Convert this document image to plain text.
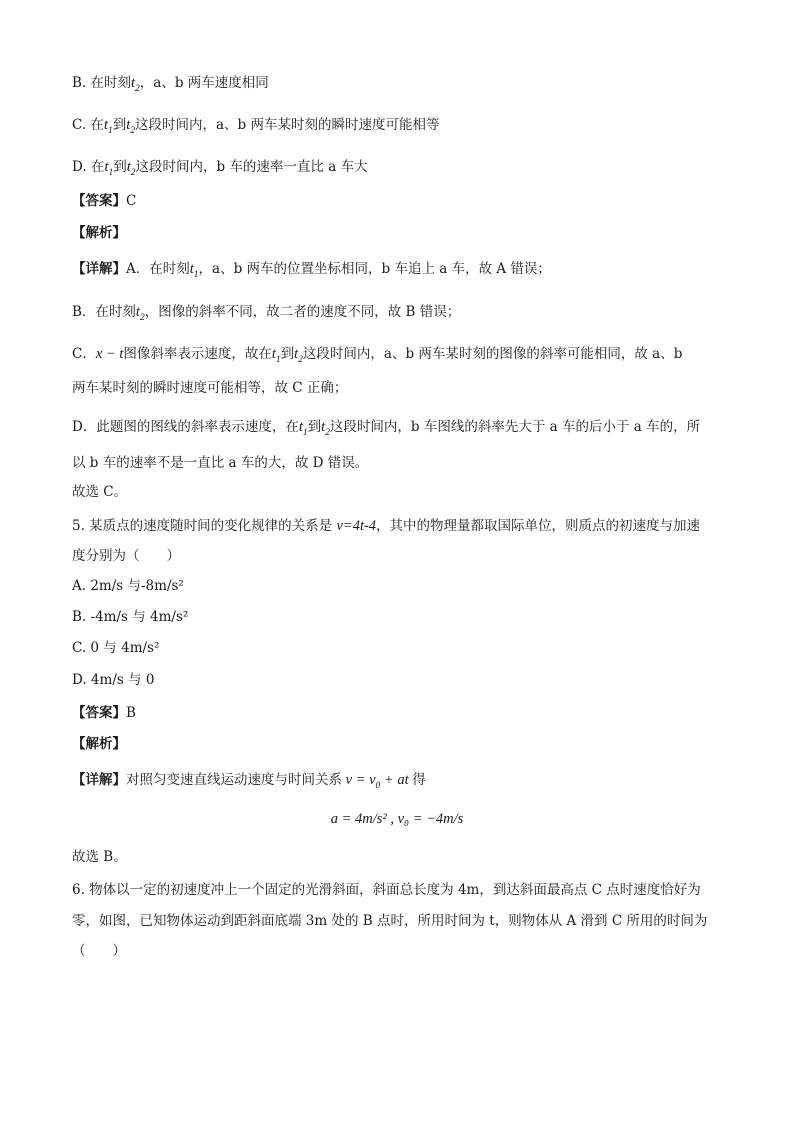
B. 在时刻$t_2$，a、b 两车速度相同
C. 在$t_1$到$t_2$这段时间内，a、b 两车某时刻的瞬时速度可能相等
D. 在$t_1$到$t_2$这段时间内，b 车的速率一直比 a 车大
【答案】C
【解析】
【详解】A．在时刻$t_1$，a、b 两车的位置坐标相同，b 车追上 a 车，故 A 错误；
B．在时刻$t_2$，图像的斜率不同，故二者的速度不同，故 B 错误；
C．x − t图像斜率表示速度，故在$t_1$到$t_2$这段时间内，a、b 两车某时刻的图像的斜率可能相同，故 a、b
两车某时刻的瞬时速度可能相等，故 C 正确；
D．此题图的图线的斜率表示速度，在$t_1$到$t_2$这段时间内，b 车图线的斜率先大于 a 车的后小于 a 车的，所
以 b 车的速率不是一直比 a 车的大，故 D 错误。
故选 C。
5. 某质点的速度随时间的变化规律的关系是 v=4t-4，其中的物理量都取国际单位，则质点的初速度与加速
度分别为（　　）
A. 2m/s 与-8m/s²
B. -4m/s 与 4m/s²
C. 0 与 4m/s²
D. 4m/s 与 0
【答案】B
【解析】
【详解】对照匀变速直线运动速度与时间关系 $v = v_0$ + at 得
a = 4m/s² , v₀ = −4m/s
故选 B。
6. 物体以一定的初速度冲上一个固定的光滑斜面，斜面总长度为 4m，到达斜面最高点 C 点时速度恰好为
零，如图，已知物体运动到距斜面底端 3m 处的 B 点时，所用时间为 t，则物体从 A 滑到 C 所用的时间为
（　　）
